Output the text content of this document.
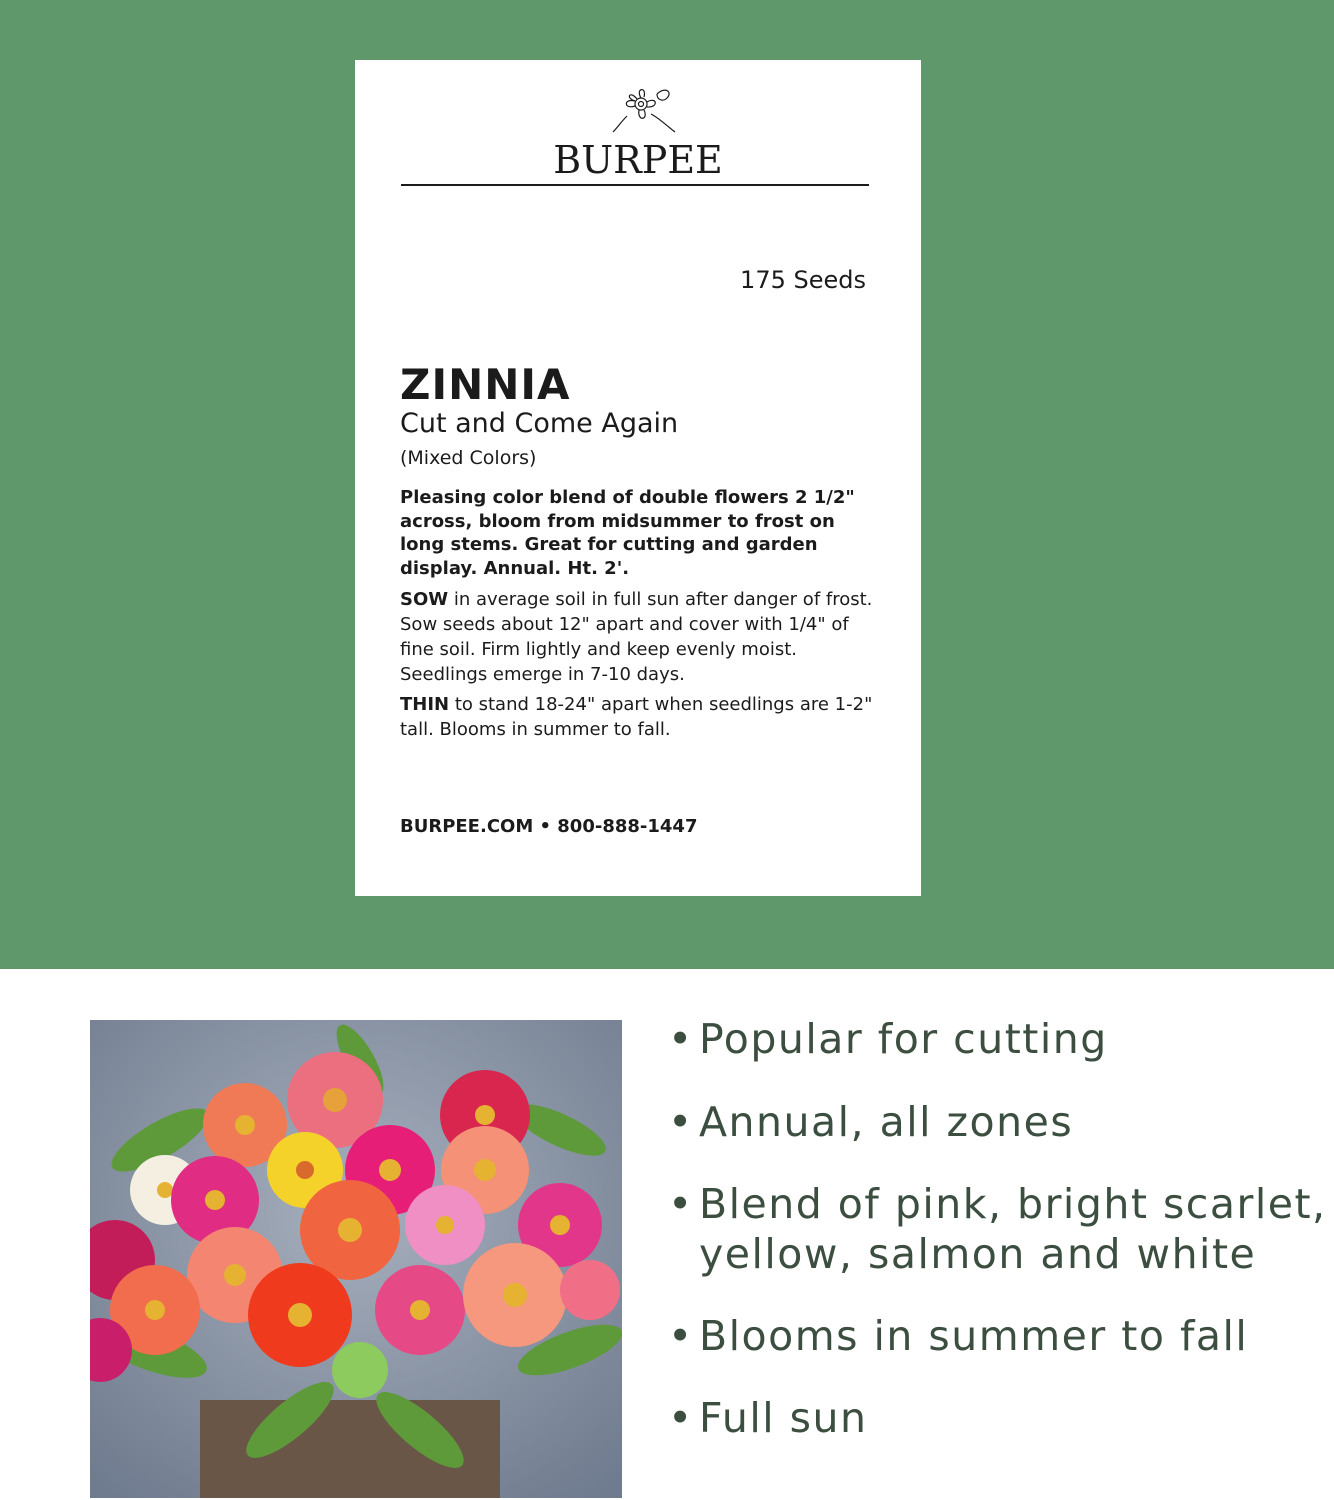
BURPEE
175 Seeds
ZINNIA
Cut and Come Again
(Mixed Colors)
Pleasing color blend of double flowers 2 1/2" across, bloom from midsummer to frost on long stems. Great for cutting and garden display. Annual. Ht. 2'.
SOW in average soil in full sun after danger of frost. Sow seeds about 12" apart and cover with 1/4" of fine soil. Firm lightly and keep evenly moist. Seedlings emerge in 7-10 days.
THIN to stand 18-24" apart when seedlings are 1-2" tall. Blooms in summer to fall.
BURPEE.COM • 800-888-1447
• Popular for cutting
• Annual, all zones
• Blend of pink, bright scarlet, yellow, salmon and white
• Blooms in summer to fall
• Full sun
